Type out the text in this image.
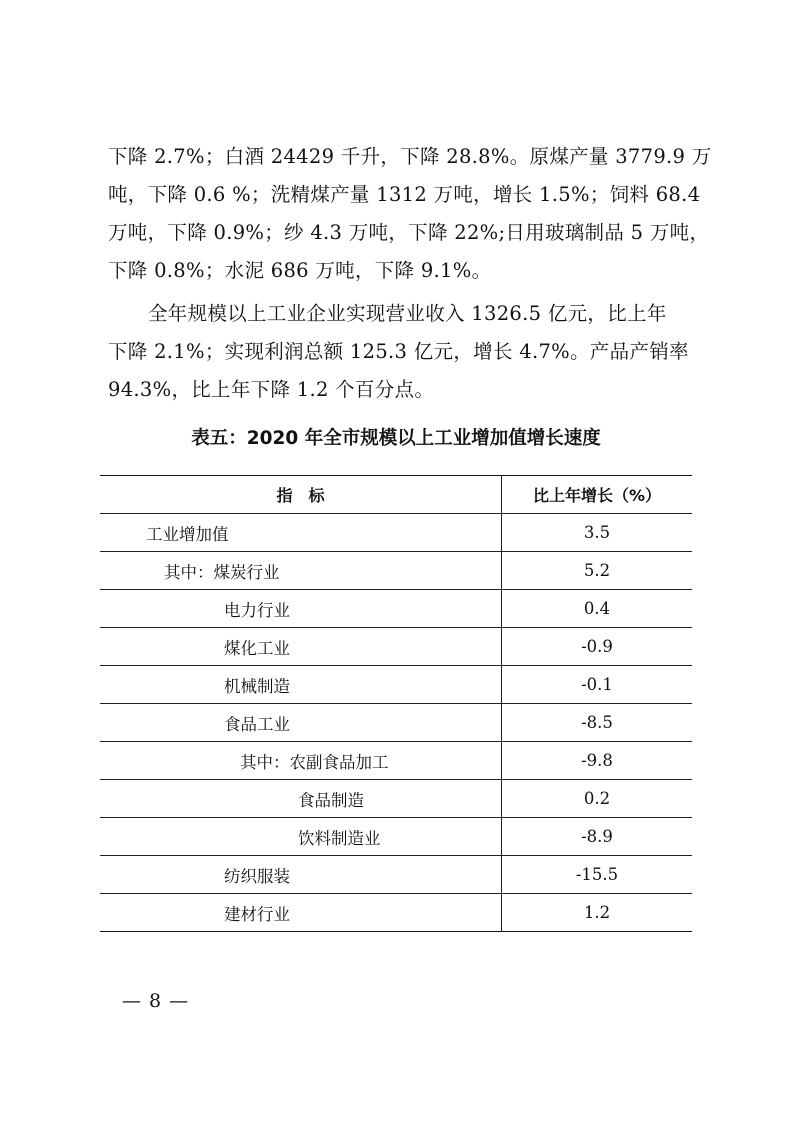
下降 2.7%；白酒 24429 千升，下降 28.8%。原煤产量 3779.9 万
吨，下降 0.6 %；洗精煤产量 1312 万吨，增长 1.5%；饲料 68.4
万吨，下降 0.9%；纱 4.3 万吨，下降 22%;日用玻璃制品 5 万吨，
下降 0.8%；水泥 686 万吨，下降 9.1%。
全年规模以上工业企业实现营业收入 1326.5 亿元，比上年
下降 2.1%；实现利润总额 125.3 亿元，增长 4.7%。产品产销率
94.3%，比上年下降 1.2 个百分点。
表五：2020 年全市规模以上工业增加值增长速度
指　标	比上年增长（%）
工业增加值	3.5
其中：煤炭行业	5.2
电力行业	0.4
煤化工业	-0.9
机械制造	-0.1
食品工业	-8.5
其中：农副食品加工	-9.8
食品制造	0.2
饮料制造业	-8.9
纺织服装	-15.5
建材行业	1.2
— 8 —
